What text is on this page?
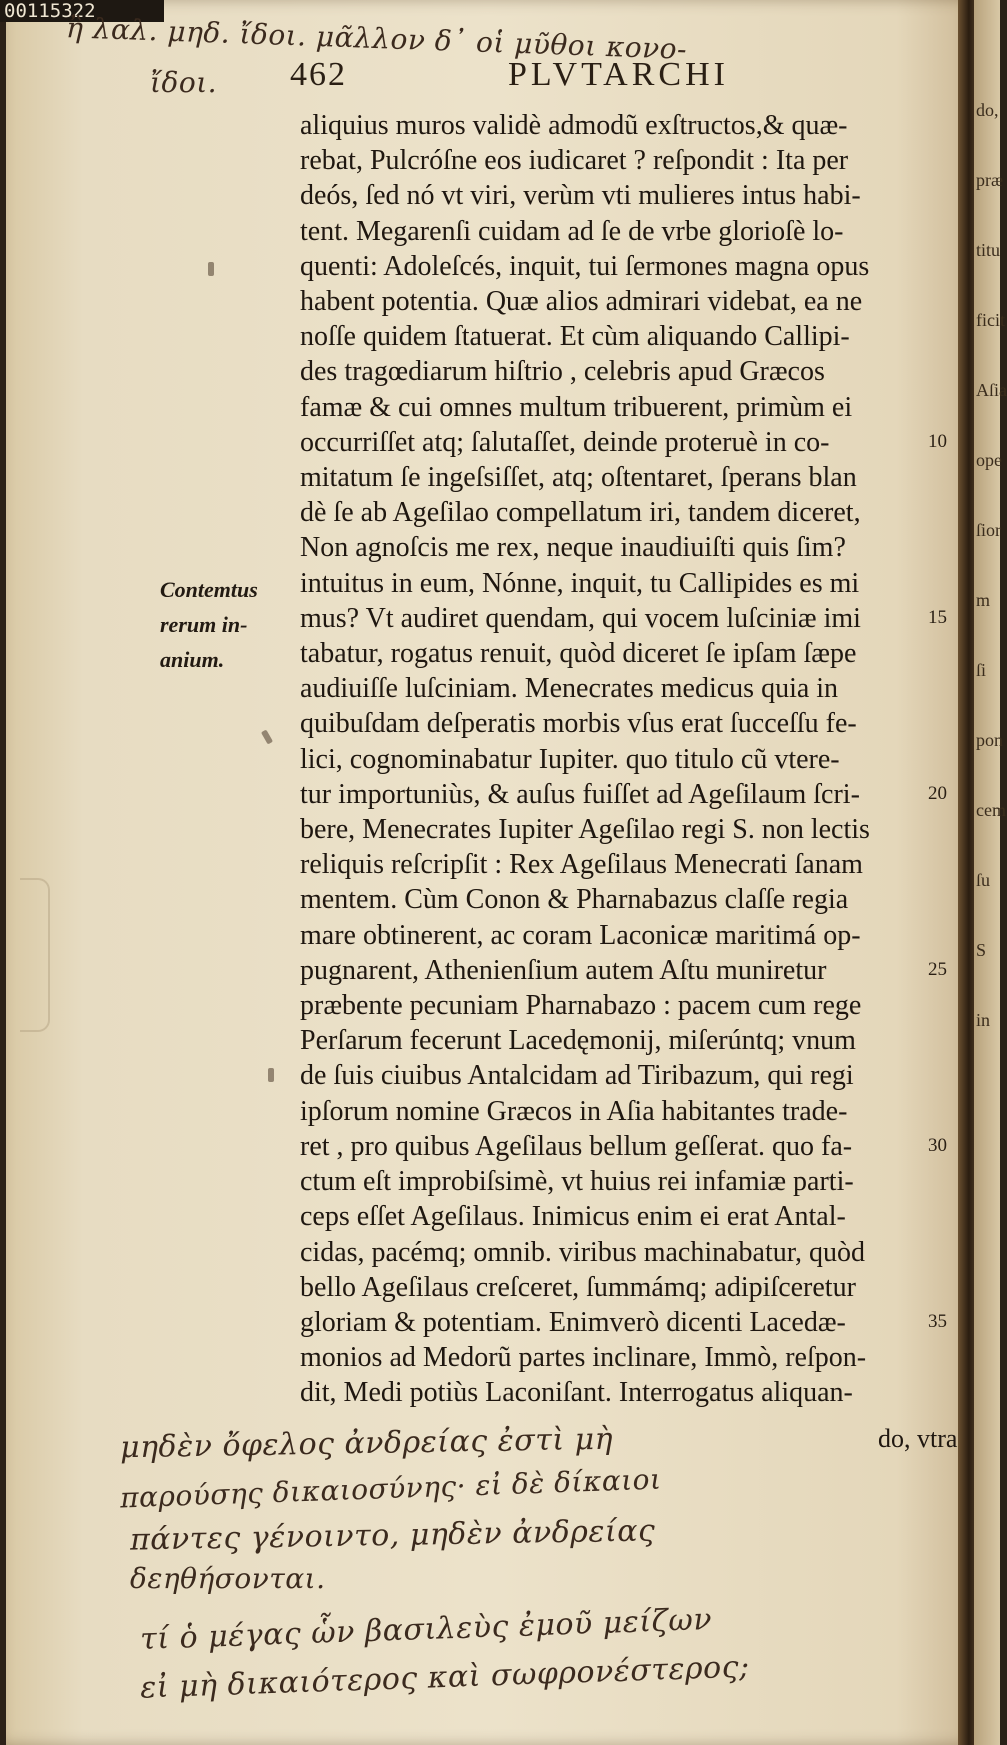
do,
præ
titu
ficit
Aſia
ope
ſior
m
ſi
pon
cem
ſu
S
in
00115322
ἢ λαλ. μηδ. ἴδοι. μᾶλλον δ᾽ οἱ μῦθοι κονο-
ἴδοι. 462	PLVTARCHI
Contemtus
rerum in-
anium.
aliquius muros validè admodũ exſtructos,& quæ-
rebat, Pulcróſne eos iudicaret ? reſpondit : Ita per
deós, ſed nó vt viri, verùm vti mulieres intus habi-
tent. Megarenſi cuidam ad ſe de vrbe glorioſè lo-
quenti: Adoleſcés, inquit, tui ſermones magna opus
habent potentia. Quæ alios admirari videbat, ea ne
noſſe quidem ſtatuerat. Et cùm aliquando Callipi-
des tragœdiarum hiſtrio , celebris apud Græcos
famæ & cui omnes multum tribuerent, primùm ei
occurriſſet atq; ſalutaſſet, deinde proteruè in co-
mitatum ſe ingeſsiſſet, atq; oſtentaret, ſperans blan
dè ſe ab Ageſilao compellatum iri, tandem diceret,
Non agnoſcis me rex, neque inaudiuiſti quis ſim?
intuitus in eum, Nónne, inquit, tu Callipides es mi
mus? Vt audiret quendam, qui vocem luſciniæ imi
tabatur, rogatus renuit, quòd diceret ſe ipſam ſæpe
audiuiſſe luſciniam. Menecrates medicus quia in
quibuſdam deſperatis morbis vſus erat ſucceſſu fe-
lici, cognominabatur Iupiter. quo titulo cũ vtere-
tur importuniùs, & auſus fuiſſet ad Ageſilaum ſcri-
bere, Menecrates Iupiter Ageſilao regi S. non lectis
reliquis reſcripſit : Rex Ageſilaus Menecrati ſanam
mentem. Cùm Conon & Pharnabazus claſſe regia
mare obtinerent, ac coram Laconicæ maritimá op-
pugnarent, Athenienſium autem Aſtu muniretur
præbente pecuniam Pharnabazo : pacem cum rege
Perſarum fecerunt Lacedęmonij, miſerúntq; vnum
de ſuis ciuibus Antalcidam ad Tiribazum, qui regi
ipſorum nomine Græcos in Aſia habitantes trade-
ret , pro quibus Ageſilaus bellum geſſerat. quo fa-
ctum eſt improbiſsimè, vt huius rei infamiæ parti-
ceps eſſet Ageſilaus. Inimicus enim ei erat Antal-
cidas, pacémq; omnib. viribus machinabatur, quòd
bello Ageſilaus creſceret, ſummámq; adipiſceretur
gloriam & potentiam. Enimverò dicenti Lacedæ-
monios ad Medorũ partes inclinare, Immò, reſpon-
dit, Medi potiùs Laconiſant. Interrogatus aliquan-
10
15
20
25
30
35
do, vtra
μηδὲν ὄφελος ἀνδρείας ἐστὶ μὴ
παρούσης δικαιοσύνης· εἰ δὲ δίκαιοι
πάντες γένοιντο, μηδὲν ἀνδρείας
δεηθήσονται.
τί ὁ μέγας ὧν βασιλεὺς ἐμοῦ μείζων
εἰ μὴ δικαιότερος καὶ σωφρονέστερος;
